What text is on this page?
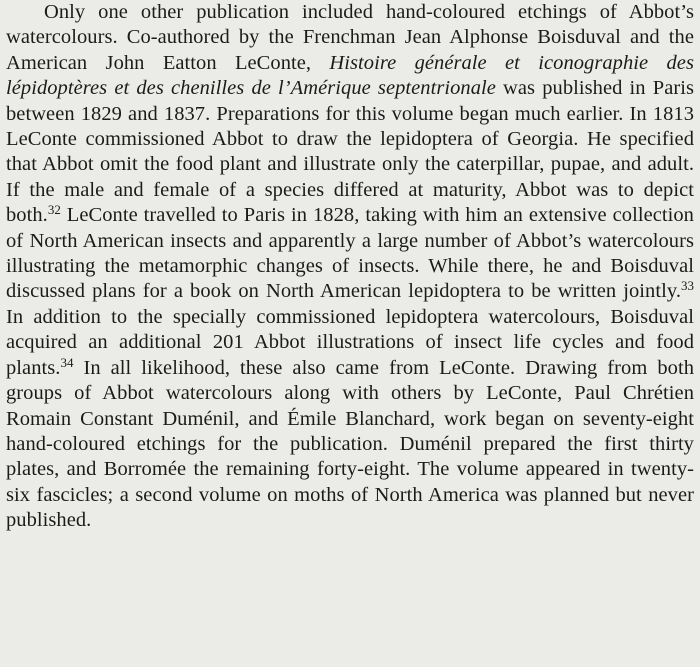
Only one other publication included hand-coloured etchings of Abbot’s watercolours. Co-authored by the Frenchman Jean Alphonse Boisduval and the American John Eatton LeConte, Histoire générale et iconographie des lépidoptères et des chenilles de l’Amérique septentrionale was published in Paris between 1829 and 1837. Preparations for this volume began much earlier. In 1813 LeConte commissioned Abbot to draw the lepidoptera of Georgia. He specified that Abbot omit the food plant and illustrate only the caterpillar, pupae, and adult. If the male and female of a species differed at maturity, Abbot was to depict both.$^{32}$ LeConte travelled to Paris in 1828, taking with him an extensive collection of North American insects and apparently a large number of Abbot’s watercolours illustrating the metamorphic changes of insects. While there, he and Boisduval discussed plans for a book on North American lepidoptera to be written jointly.$^{33}$ In addition to the specially commissioned lepidoptera watercolours, Boisduval acquired an additional 201 Abbot illustrations of insect life cycles and food plants.$^{34}$ In all likelihood, these also came from LeConte. Drawing from both groups of Abbot watercolours along with others by LeConte, Paul Chrétien Romain Constant Duménil, and Émile Blanchard, work began on seventy-eight hand-coloured etchings for the publication. Duménil prepared the first thirty plates, and Borromée the remaining forty-eight. The volume appeared in twenty-six fascicles; a second volume on moths of North America was planned but never published.
